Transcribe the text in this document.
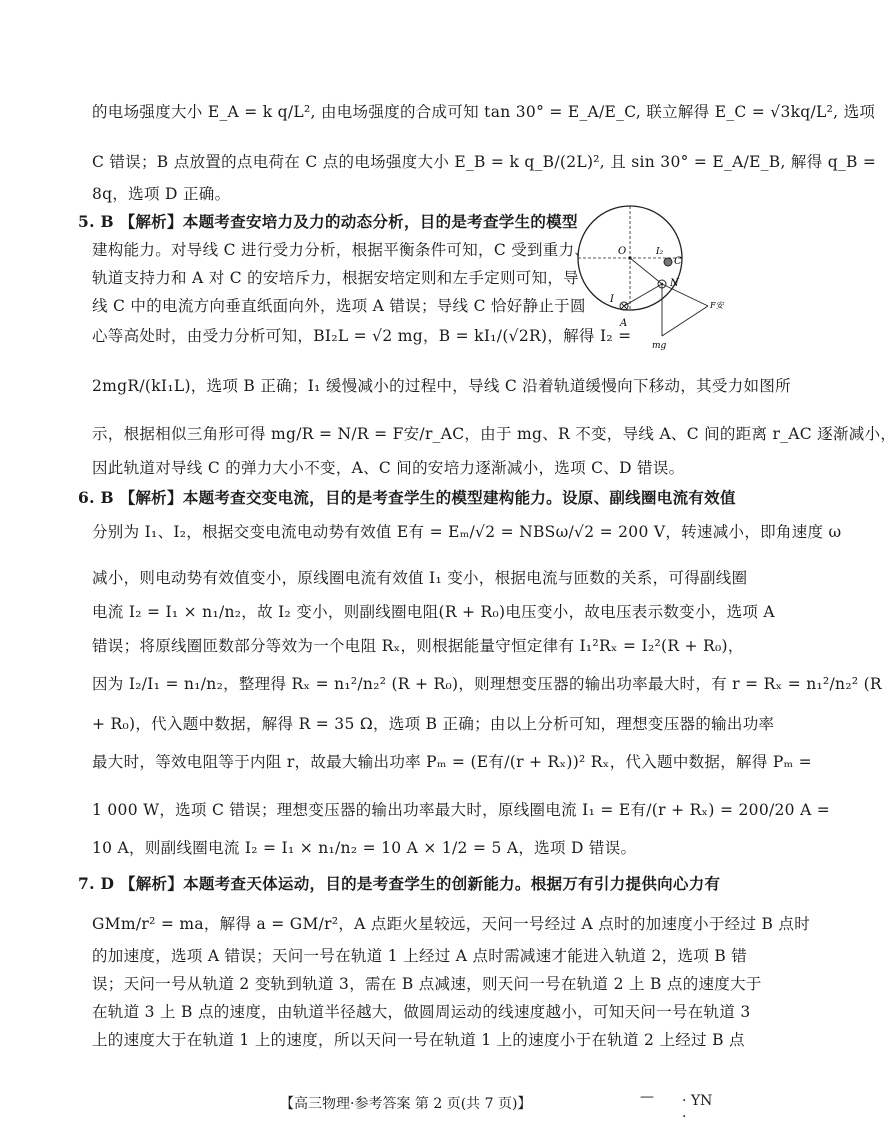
的电场强度大小 E_A = k q/L², 由电场强度的合成可知 tan 30° = E_A/E_C, 联立解得 E_C = √3kq/L², 选项
C 错误；B 点放置的点电荷在 C 点的电场强度大小 E_B = k q_B/(2L)², 且 sin 30° = E_A/E_B, 解得 q_B =
8q，选项 D 正确。
5. B 【解析】本题考查安培力及力的动态分析，目的是考查学生的模型
建构能力。对导线 C 进行受力分析，根据平衡条件可知，C 受到重力、
轨道支持力和 A 对 C 的安培斥力，根据安培定则和左手定则可知，导
线 C 中的电流方向垂直纸面向外，选项 A 错误；导线 C 恰好静止于圆
心等高处时，由受力分析可知，BI₂L = √2 mg，B = kI₁/(√2R)，解得 I₂ =
2mgR/(kI₁L)，选项 B 正确；I₁ 缓慢减小的过程中，导线 C 沿着轨道缓慢向下移动，其受力如图所
示，根据相似三角形可得 mg/R = N/R = F安/r_AC，由于 mg、R 不变，导线 A、C 间的距离 r_AC 逐渐减小，
因此轨道对导线 C 的弹力大小不变，A、C 间的安培力逐渐减小，选项 C、D 错误。
6. B 【解析】本题考查交变电流，目的是考查学生的模型建构能力。设原、副线圈电流有效值
分别为 I₁、I₂，根据交变电流电动势有效值 E有 = Eₘ/√2 = NBSω/√2 = 200 V，转速减小，即角速度 ω
减小，则电动势有效值变小，原线圈电流有效值 I₁ 变小，根据电流与匝数的关系，可得副线圈
电流 I₂ = I₁ × n₁/n₂，故 I₂ 变小，则副线圈电阻(R + R₀)电压变小，故电压表示数变小，选项 A
错误；将原线圈匝数部分等效为一个电阻 Rₓ，则根据能量守恒定律有 I₁²Rₓ = I₂²(R + R₀)，
因为 I₂/I₁ = n₁/n₂，整理得 Rₓ = n₁²/n₂² (R + R₀)，则理想变压器的输出功率最大时，有 r = Rₓ = n₁²/n₂² (R
+ R₀)，代入题中数据，解得 R = 35 Ω，选项 B 正确；由以上分析可知，理想变压器的输出功率
最大时，等效电阻等于内阻 r，故最大输出功率 Pₘ = (E有/(r + Rₓ))² Rₓ，代入题中数据，解得 Pₘ =
1 000 W，选项 C 错误；理想变压器的输出功率最大时，原线圈电流 I₁ = E有/(r + Rₓ) = 200/20 A =
10 A，则副线圈电流 I₂ = I₁ × n₁/n₂ = 10 A × 1/2 = 5 A，选项 D 错误。
7. D 【解析】本题考查天体运动，目的是考查学生的创新能力。根据万有引力提供向心力有
GMm/r² = ma，解得 a = GM/r²，A 点距火星较远，天问一号经过 A 点时的加速度小于经过 B 点时
的加速度，选项 A 错误；天问一号在轨道 1 上经过 A 点时需减速才能进入轨道 2，选项 B 错
误；天问一号从轨道 2 变轨到轨道 3，需在 B 点减速，则天问一号在轨道 2 上 B 点的速度大于
在轨道 3 上 B 点的速度，由轨道半径越大，做圆周运动的线速度越小，可知天问一号在轨道 3
上的速度大于在轨道 1 上的速度，所以天问一号在轨道 1 上的速度小于在轨道 2 上经过 B 点
O
C
N
A
I
I₂
mg
F安
【高三物理·参考答案 第 2 页(共 7 页)】	— · YN ·
